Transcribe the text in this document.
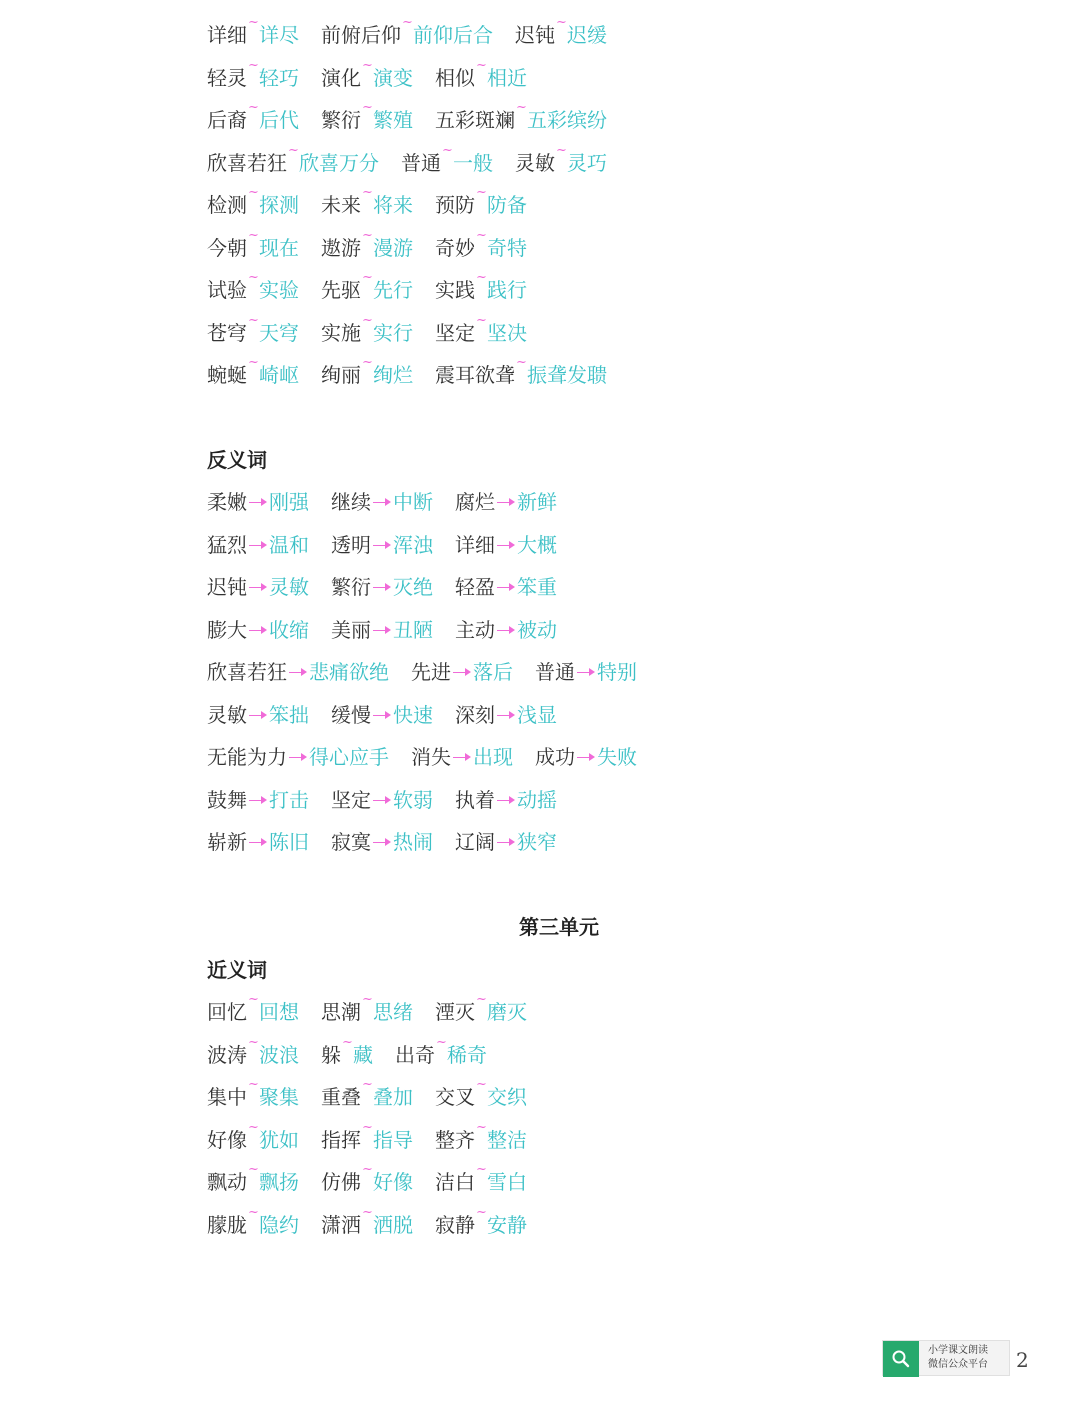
详细
~
详尽 前俯后仰
~
前仰后合 迟钝
~
迟缓
轻灵
~
轻巧 演化
~
演变 相似
~
相近
后裔
~
后代 繁衍
~
繁殖 五彩斑斓
~
五彩缤纷
欣喜若狂
~
欣喜万分 普通
~
一般 灵敏
~
灵巧
检测
~
探测 未来
~
将来 预防
~
防备
今朝
~
现在 遨游
~
漫游 奇妙
~
奇特
试验
~
实验 先驱
~
先行 实践
~
践行
苍穹
~
天穹 实施
~
实行 坚定
~
坚决
蜿蜒
~
崎岖 绚丽
~
绚烂 震耳欲聋
~
振聋发聩
反义词
柔嫩 刚强 继续 中断 腐烂 新鲜
猛烈 温和 透明 浑浊 详细 大概
迟钝 灵敏 繁衍 灭绝 轻盈 笨重
膨大 收缩 美丽 丑陋 主动 被动
欣喜若狂 悲痛欲绝 先进 落后 普通 特别
灵敏 笨拙 缓慢 快速 深刻 浅显
无能为力 得心应手 消失 出现 成功 失败
鼓舞 打击 坚定 软弱 执着 动摇
崭新 陈旧 寂寞 热闹 辽阔 狭窄
第三单元
近义词
回忆
~
回想 思潮
~
思绪 湮灭
~
磨灭
波涛
~
波浪 躲
~
藏 出奇
~
稀奇
集中
~
聚集 重叠
~
叠加 交叉
~
交织
好像
~
犹如 指挥
~
指导 整齐
~
整洁
飘动
~
飘扬 仿佛
~
好像 洁白
~
雪白
朦胧
~
隐约 潇洒
~
洒脱 寂静
~
安静
小学课文朗读
微信公众平台 2
